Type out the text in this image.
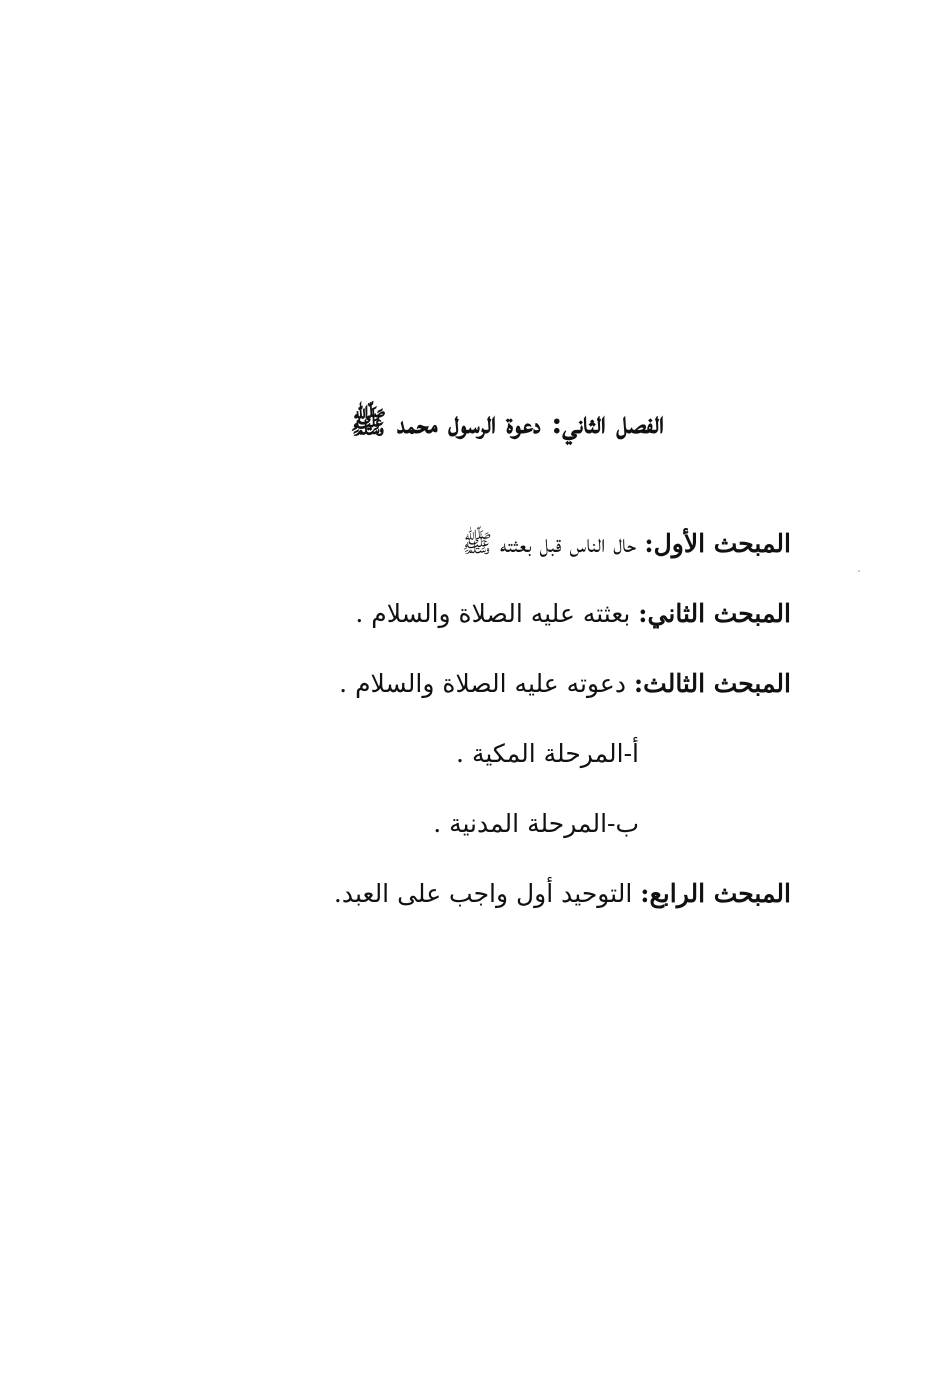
الفصل الثاني: دعوة الرسول محمد ﷺ
المبحث الأول: حال الناس قبل بعثته ﷺ
المبحث الثاني: بعثته عليه الصلاة والسلام .
المبحث الثالث: دعوته عليه الصلاة والسلام .
أ-المرحلة المكية .
ب-المرحلة المدنية .
المبحث الرابع: التوحيد أول واجب على العبد.
